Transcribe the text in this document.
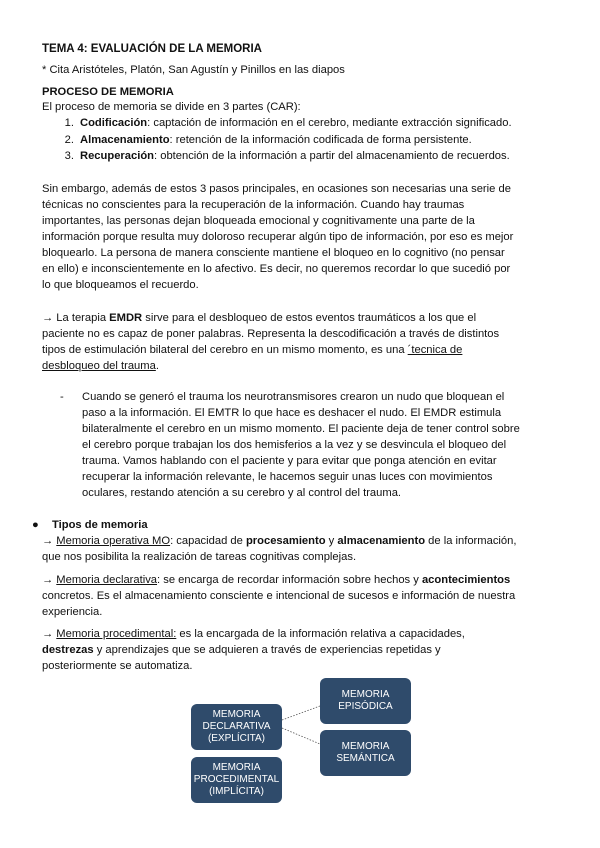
TEMA 4: EVALUACIÓN DE LA MEMORIA
* Cita Aristóteles, Platón, San Agustín y Pinillos en las diapos
PROCESO DE MEMORIA
El proceso de memoria se divide en 3 partes (CAR):
1. Codificación: captación de información en el cerebro, mediante extracción significado.
2. Almacenamiento: retención de la información codificada de forma persistente.
3. Recuperación: obtención de la información a partir del almacenamiento de recuerdos.
Sin embargo, además de estos 3 pasos principales, en ocasiones son necesarias una serie de
técnicas no conscientes para la recuperación de la información. Cuando hay traumas
importantes, las personas dejan bloqueada emocional y cognitivamente una parte de la
información porque resulta muy doloroso recuperar algún tipo de información, por eso es mejor
bloquearlo. La persona de manera consciente mantiene el bloqueo en lo cognitivo (no pensar
en ello) e inconscientemente en lo afectivo. Es decir, no queremos recordar lo que sucedió por
lo que bloqueamos el recuerdo.
→ La terapia EMDR sirve para el desbloqueo de estos eventos traumáticos a los que el
paciente no es capaz de poner palabras. Representa la descodificación a través de distintos
tipos de estimulación bilateral del cerebro en un mismo momento, es una ´tecnica de
desbloqueo del trauma.
- Cuando se generó el trauma los neurotransmisores crearon un nudo que bloquean el
paso a la información. El EMTR lo que hace es deshacer el nudo. El EMDR estimula
bilateralmente el cerebro en un mismo momento. El paciente deja de tener control sobre
el cerebro porque trabajan los dos hemisferios a la vez y se desvincula el bloqueo del
trauma. Vamos hablando con el paciente y para evitar que ponga atención en evitar
recuperar la información relevante, le hacemos seguir unas luces con movimientos
oculares, restando atención a su cerebro y al control del trauma.
● Tipos de memoria
→ Memoria operativa MO: capacidad de procesamiento y almacenamiento de la información,
que nos posibilita la realización de tareas cognitivas complejas.
→ Memoria declarativa: se encarga de recordar información sobre hechos y acontecimientos
concretos. Es el almacenamiento consciente e intencional de sucesos e información de nuestra
experiencia.
→ Memoria procedimental: es la encargada de la información relativa a capacidades,
destrezas y aprendizajes que se adquieren a través de experiencias repetidas y
posteriormente se automatiza.
MEMORIA
DECLARATIVA
(EXPLÍCITA)
MEMORIA
PROCEDIMENTAL
(IMPLÍCITA)
MEMORIA
EPISÓDICA
MEMORIA
SEMÁNTICA
